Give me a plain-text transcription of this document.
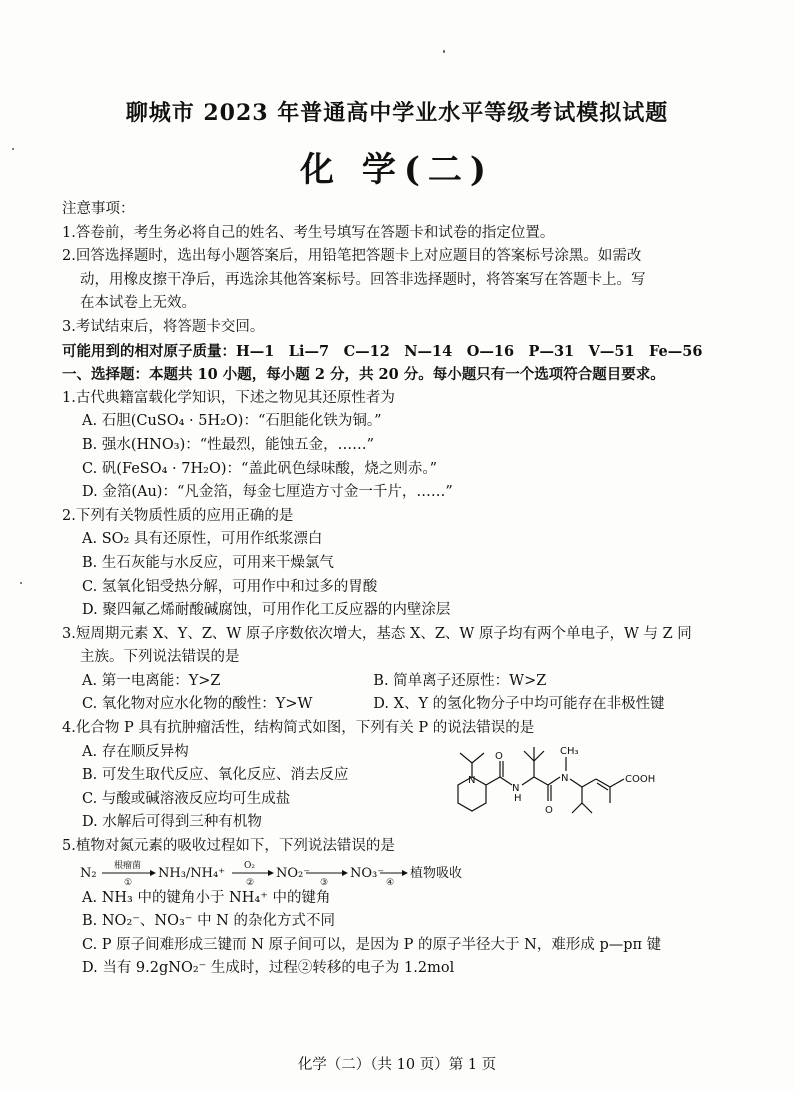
聊城市 2023 年普通高中学业水平等级考试模拟试题
化 学(二)
注意事项：
1.答卷前，考生务必将自己的姓名、考生号填写在答题卡和试卷的指定位置。
2.回答选择题时，选出每小题答案后，用铅笔把答题卡上对应题目的答案标号涂黑。如需改
动，用橡皮擦干净后，再选涂其他答案标号。回答非选择题时，将答案写在答题卡上。写
在本试卷上无效。
3.考试结束后，将答题卡交回。
可能用到的相对原子质量：H—1　Li—7　C—12　N—14　O—16　P—31　V—51　Fe—56
一、选择题：本题共 10 小题，每小题 2 分，共 20 分。每小题只有一个选项符合题目要求。
1.古代典籍富载化学知识，下述之物见其还原性者为
A. 石胆(CuSO₄ · 5H₂O)：“石胆能化铁为铜。”
B. 强水(HNO₃)：“性最烈，能蚀五金，……”
C. 矾(FeSO₄ · 7H₂O)：“盖此矾色绿味酸，烧之则赤。”
D. 金箔(Au)：“凡金箔，每金七厘造方寸金一千片，……”
2.下列有关物质性质的应用正确的是
A. SO₂ 具有还原性，可用作纸浆漂白
B. 生石灰能与水反应，可用来干燥氯气
C. 氢氧化铝受热分解，可用作中和过多的胃酸
D. 聚四氟乙烯耐酸碱腐蚀，可用作化工反应器的内壁涂层
3.短周期元素 X、Y、Z、W 原子序数依次增大，基态 X、Z、W 原子均有两个单电子，W 与 Z 同
主族。下列说法错误的是
A. 第一电离能：Y>Z	B. 简单离子还原性：W>Z
C. 氧化物对应水化物的酸性：Y>W	D. X、Y 的氢化物分子中均可能存在非极性键
4.化合物 P 具有抗肿瘤活性，结构简式如图，下列有关 P 的说法错误的是
A. 存在顺反异构
B. 可发生取代反应、氧化反应、消去反应
C. 与酸或碱溶液反应均可生成盐
D. 水解后可得到三种有机物
N
O
N
H
O
N
CH₃
COOH
5.植物对氮元素的吸收过程如下，下列说法错误的是
N₂ 根瘤菌
①
NH₃/NH₄⁺ O₂
②
NO₂⁻
③
NO₃⁻
④
植物吸收
A. NH₃ 中的键角小于 NH₄⁺ 中的键角
B. NO₂⁻、NO₃⁻ 中 N 的杂化方式不同
C. P 原子间难形成三键而 N 原子间可以，是因为 P 的原子半径大于 N，难形成 p—pπ 键
D. 当有 9.2gNO₂⁻ 生成时，过程②转移的电子为 1.2mol
化学（二）（共 10 页）第 1 页
